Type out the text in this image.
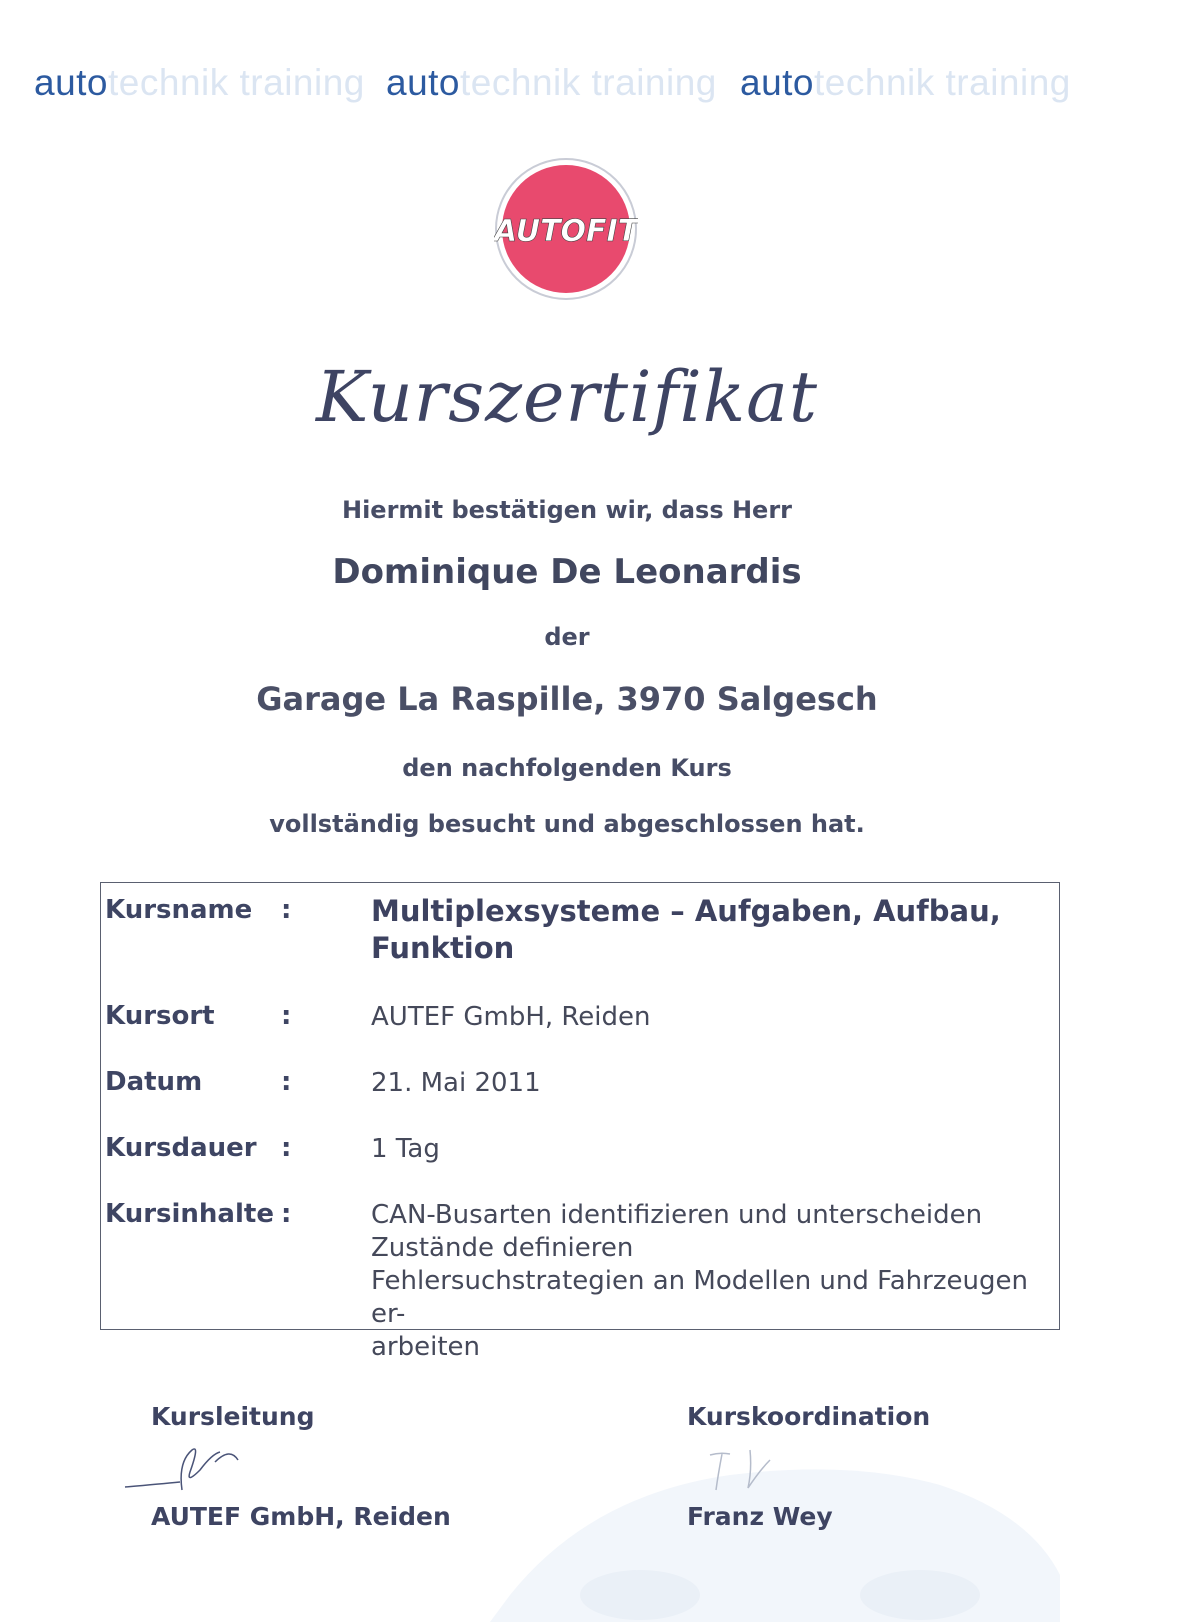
autotechnik training autotechnik training autotechnik training
AUTOFIT
Kurszertifikat
Hiermit bestätigen wir, dass Herr
Dominique De Leonardis
der
Garage La Raspille, 3970 Salgesch
den nachfolgenden Kurs
vollständig besucht und abgeschlossen hat.
Kursname :	Multiplexsysteme – Aufgaben, Aufbau,
Funktion
Kursort	:	AUTEF GmbH, Reiden
Datum	:	21. Mai 2011
Kursdauer :	1 Tag
Kursinhalte :	CAN-Busarten identifizieren und unterscheiden
Zustände definieren
Fehlersuchstrategien an Modellen und Fahrzeugen er-
arbeiten
Kursleitung
AUTEF GmbH, Reiden
Kurskoordination
Franz Wey
